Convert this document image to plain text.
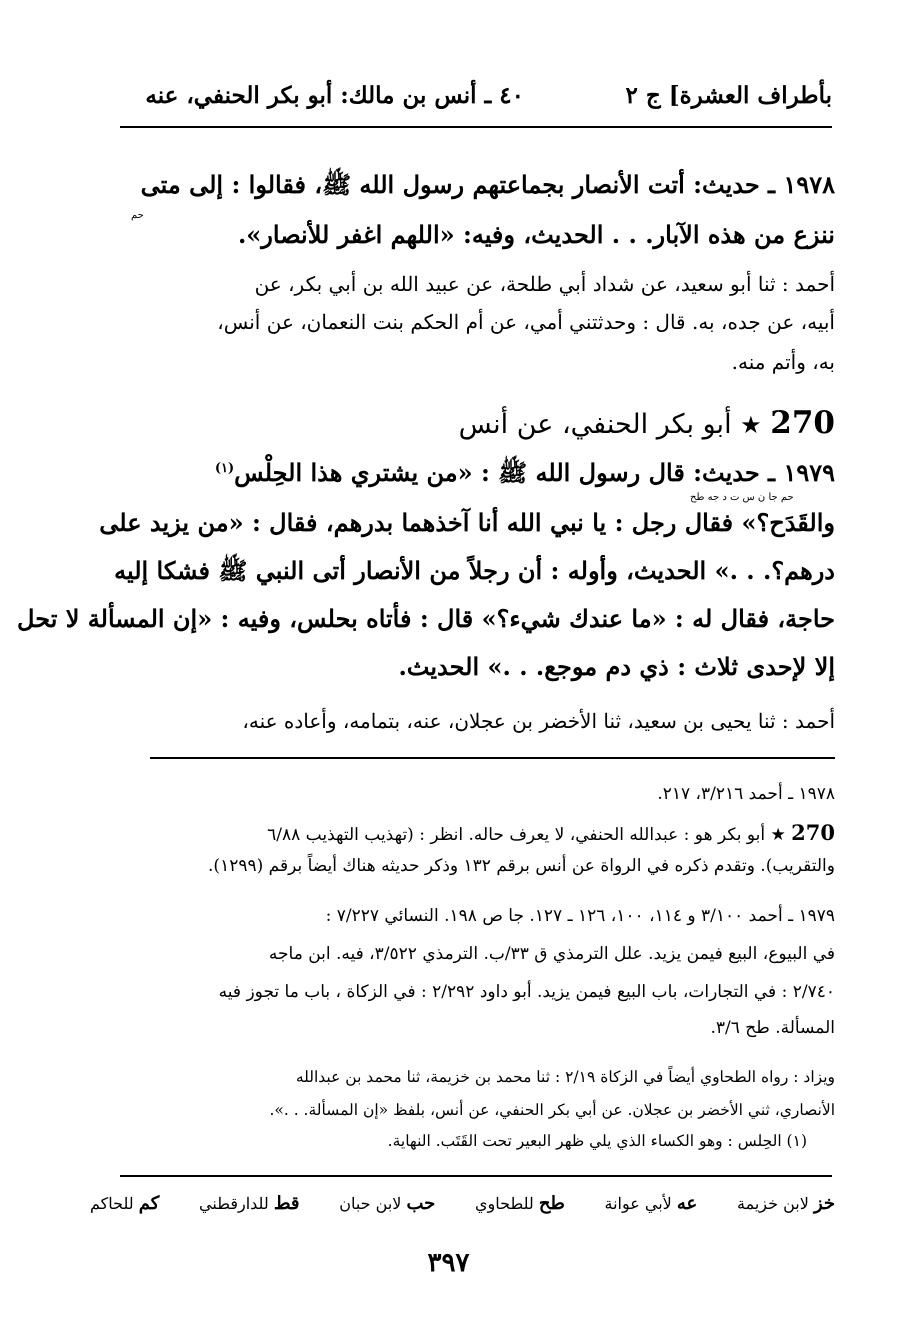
بأطراف العشرة] ج ٢
٤٠ ـ أنس بن مالك: أبو بكر الحنفي، عنه
١٩٧٨ ـ حديث: أتت الأنصار بجماعتهم رسول الله ﷺ، فقالوا : إلى متى
حم
ننزع من هذه الآبار. . . الحديث، وفيه: «اللهم اغفر للأنصار».
أحمد : ثنا أبو سعيد، عن شداد أبي طلحة، عن عبيد الله بن أبي بكر، عن
أبيه، عن جده، به. قال : وحدثتني أمي، عن أم الحكم بنت النعمان، عن أنس،
به، وأتم منه.
270 ★ أبو بكر الحنفي، عن أنس
١٩٧٩ ـ حديث: قال رسول الله ﷺ : «من يشتري هذا الحِلْس$^{(١)}$
حم جا ن س ت د جه طح
والقَدَح؟» فقال رجل : يا نبي الله أنا آخذهما بدرهم، فقال : «من يزيد على
درهم؟. . .» الحديث، وأوله : أن رجلاً من الأنصار أتى النبي ﷺ فشكا إليه
حاجة، فقال له : «ما عندك شيء؟» قال : فأتاه بحلس، وفيه : «إن المسألة لا تحل
إلا لإحدى ثلاث : ذي دم موجع. . .» الحديث.
أحمد : ثنا يحيى بن سعيد، ثنا الأخضر بن عجلان، عنه، بتمامه، وأعاده عنه،
١٩٧٨ ـ أحمد ٣/٢١٦، ٢١٧.
270 ★ أبو بكر هو : عبدالله الحنفي، لا يعرف حاله. انظر : (تهذيب التهذيب ٦/٨٨
والتقريب). وتقدم ذكره في الرواة عن أنس برقم ١٣٢ وذكر حديثه هناك أيضاً برقم (١٢٩٩).
١٩٧٩ ـ أحمد ٣/١٠٠ و ١١٤، ١٠٠، ١٢٦ ـ ١٢٧. جا ص ١٩٨. النسائي ٧/٢٢٧ :
في البيوع، البيع فيمن يزيد. علل الترمذي ق ٣٣/ب. الترمذي ٣/٥٢٢، فيه. ابن ماجه
٢/٧٤٠ : في التجارات، باب البيع فيمن يزيد. أبو داود ٢/٢٩٢ : في الزكاة ، باب ما تجوز فيه
المسألة. طح ٣/٦.
ويزاد : رواه الطحاوي أيضاً في الزكاة ٢/١٩ : ثنا محمد بن خزيمة، ثنا محمد بن عبدالله
الأنصاري، ثني الأخضر بن عجلان. عن أبي بكر الحنفي، عن أنس، بلفظ «إن المسألة. . .».
(١) الحِلس : وهو الكساء الذي يلي ظهر البعير تحت القَتَب. النهاية.
خز لابن خزيمة
عه لأبي عوانة
طح للطحاوي
حب لابن حبان
قط للدارقطني
كم للحاكم
٣٩٧
